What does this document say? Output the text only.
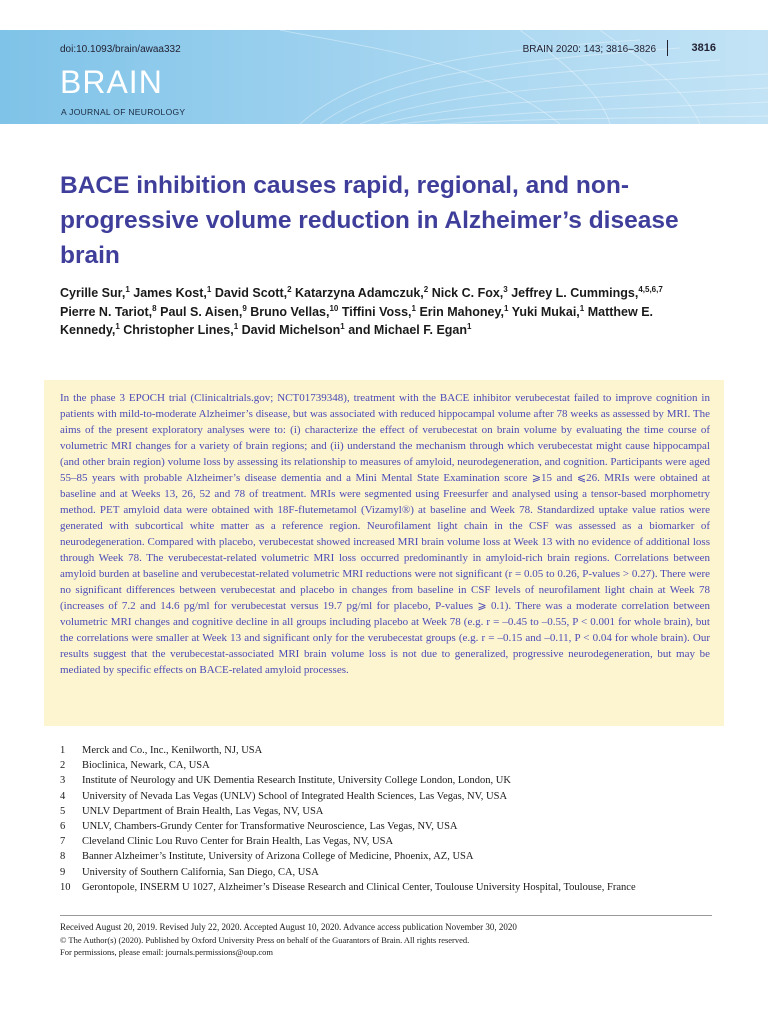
doi:10.1093/brain/awaa332	BRAIN 2020: 143; 3816–3826	3816
BRAIN
A JOURNAL OF NEUROLOGY
BACE inhibition causes rapid, regional, and non-progressive volume reduction in Alzheimer’s disease brain

Cyrille Sur,$^1$ James Kost,$^1$ David Scott,$^2$ Katarzyna Adamczuk,$^2$ Nick C. Fox,$^3$ Jeffrey L. Cummings,$^{4,5,6,7}$ Pierre N. Tariot,$^8$ Paul S. Aisen,$^9$ Bruno Vellas,$^{10}$ Tiffini Voss,$^1$ Erin Mahoney,$^1$ Yuki Mukai,$^1$ Matthew E. Kennedy,$^1$ Christopher Lines,$^1$ David Michelson$^1$ and Michael F. Egan$^1$

In the phase 3 EPOCH trial (Clinicaltrials.gov; NCT01739348), treatment with the BACE inhibitor verubecestat failed to improve cognition in patients with mild-to-moderate Alzheimer’s disease, but was associated with reduced hippocampal volume after 78 weeks as assessed by MRI. The aims of the present exploratory analyses were to: (i) characterize the effect of verubecestat on brain volume by evaluating the time course of volumetric MRI changes for a variety of brain regions; and (ii) understand the mechanism through which verubecestat might cause hippocampal (and other brain region) volume loss by assessing its relationship to measures of amyloid, neurodegeneration, and cognition. Participants were aged 55–85 years with probable Alzheimer’s disease dementia and a Mini Mental State Examination score ⩾15 and ⩽26. MRIs were obtained at baseline and at Weeks 13, 26, 52 and 78 of treatment. MRIs were segmented using Freesurfer and analysed using a tensor-based morphometry method. PET amyloid data were obtained with 18F-flutemetamol (Vizamyl®) at baseline and Week 78. Standardized uptake value ratios were generated with subcortical white matter as a reference region. Neurofilament light chain in the CSF was assessed as a biomarker of neurodegeneration. Compared with placebo, verubecestat showed increased MRI brain volume loss at Week 13 with no evidence of additional loss through Week 78. The verubecestat-related volumetric MRI loss occurred predominantly in amyloid-rich brain regions. Correlations between amyloid burden at baseline and verubecestat-related volumetric MRI reductions were not significant (r = 0.05 to 0.26, P-values > 0.27). There were no significant differences between verubecestat and placebo in changes from baseline in CSF levels of neurofilament light chain at Week 78 (increases of 7.2 and 14.6 pg/ml for verubecestat versus 19.7 pg/ml for placebo, P-values ⩾ 0.1). There was a moderate correlation between volumetric MRI changes and cognitive decline in all groups including placebo at Week 78 (e.g. r = –0.45 to –0.55, P < 0.001 for whole brain), but the correlations were smaller at Week 13 and significant only for the verubecestat groups (e.g. r = –0.15 and –0.11, P < 0.04 for whole brain). Our results suggest that the verubecestat-associated MRI brain volume loss is not due to generalized, progressive neurodegeneration, but may be mediated by specific effects on BACE-related amyloid processes.

1 Merck and Co., Inc., Kenilworth, NJ, USA
2 Bioclinica, Newark, CA, USA
3 Institute of Neurology and UK Dementia Research Institute, University College London, London, UK
4 University of Nevada Las Vegas (UNLV) School of Integrated Health Sciences, Las Vegas, NV, USA
5 UNLV Department of Brain Health, Las Vegas, NV, USA
6 UNLV, Chambers-Grundy Center for Transformative Neuroscience, Las Vegas, NV, USA
7 Cleveland Clinic Lou Ruvo Center for Brain Health, Las Vegas, NV, USA
8 Banner Alzheimer’s Institute, University of Arizona College of Medicine, Phoenix, AZ, USA
9 University of Southern California, San Diego, CA, USA
10 Gerontopole, INSERM U 1027, Alzheimer’s Disease Research and Clinical Center, Toulouse University Hospital, Toulouse, France
Received August 20, 2019. Revised July 22, 2020. Accepted August 10, 2020. Advance access publication November 30, 2020
© The Author(s) (2020). Published by Oxford University Press on behalf of the Guarantors of Brain. All rights reserved.
For permissions, please email: journals.permissions@oup.com
